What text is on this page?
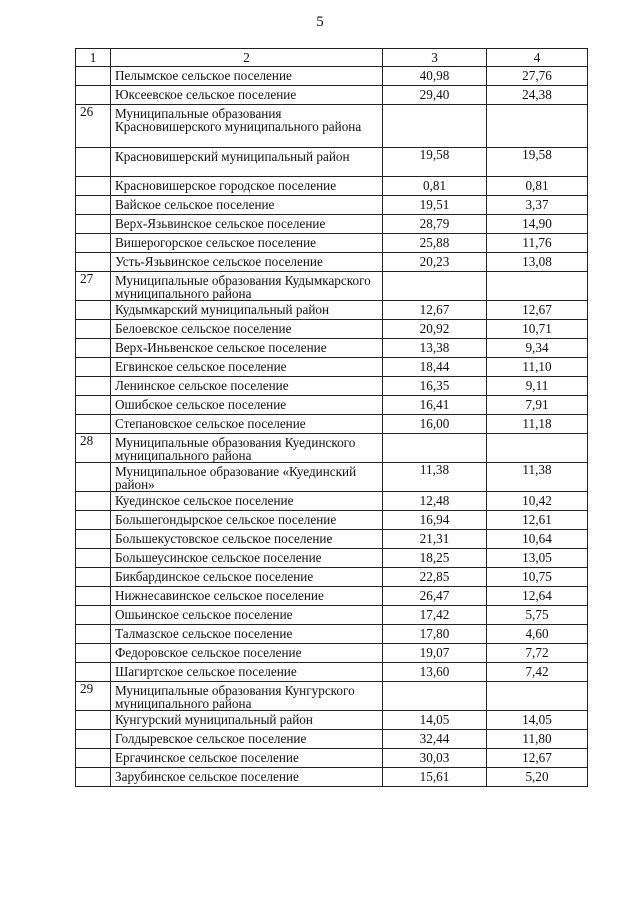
5
1	2	3	4
	Пелымское сельское поселение	40,98	27,76
	Юксеевское сельское поселение	29,40	24,38
26	Муниципальные образования Красновишерского муниципального района		
	Красновишерский муниципальный район	19,58	19,58
	Красновишерское городское поселение	0,81	0,81
	Вайское сельское поселение	19,51	3,37
	Верх-Язьвинское сельское поселение	28,79	14,90
	Вишерогорское сельское поселение	25,88	11,76
	Усть-Язьвинское сельское поселение	20,23	13,08
27	Муниципальные образования Кудымкарского муниципального района		
	Кудымкарский муниципальный район	12,67	12,67
	Белоевское сельское поселение	20,92	10,71
	Верх-Иньвенское сельское поселение	13,38	9,34
	Егвинское сельское поселение	18,44	11,10
	Ленинское сельское поселение	16,35	9,11
	Ошибское сельское поселение	16,41	7,91
	Степановское сельское поселение	16,00	11,18
28	Муниципальные образования Куединского муниципального района		
	Муниципальное образование «Куединский район»	11,38	11,38
	Куединское сельское поселение	12,48	10,42
	Большегондырское сельское поселение	16,94	12,61
	Большекустовское сельское поселение	21,31	10,64
	Большеусинское сельское поселение	18,25	13,05
	Бикбардинское сельское поселение	22,85	10,75
	Нижнесавинское сельское поселение	26,47	12,64
	Ошьинское сельское поселение	17,42	5,75
	Талмазское сельское поселение	17,80	4,60
	Федоровское сельское поселение	19,07	7,72
	Шагиртское сельское поселение	13,60	7,42
29	Муниципальные образования Кунгурского муниципального района		
	Кунгурский муниципальный район	14,05	14,05
	Голдыревское сельское поселение	32,44	11,80
	Ергачинское сельское поселение	30,03	12,67
	Зарубинское сельское поселение	15,61	5,20
